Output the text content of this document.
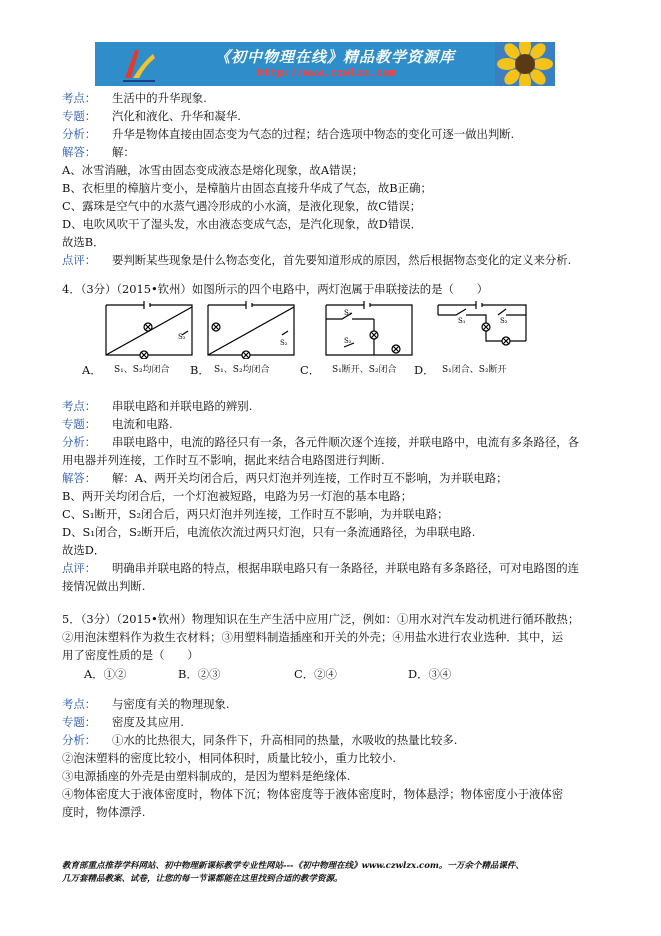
《初中物理在线》精品教学资源库
http://www.czwlzx.com
考点： 生活中的升华现象.
专题： 汽化和液化、升华和凝华.
分析： 升华是物体直接由固态变为气态的过程；结合选项中物态的变化可逐一做出判断.
解答： 解：
A、冰雪消融，冰雪由固态变成液态是熔化现象，故A错误；
B、衣柜里的樟脑片变小，是樟脑片由固态直接升华成了气态，故B正确；
C、露珠是空气中的水蒸气遇冷形成的小水滴，是液化现象，故C错误；
D、电吹风吹干了湿头发，水由液态变成气态，是汽化现象，故D错误．
故选B．
点评： 要判断某些现象是什么物态变化，首先要知道形成的原因，然后根据物态变化的定义来分析.
4．（3分）（2015•钦州）如图所示的四个电路中，两灯泡属于串联接法的是（　　）
S₂
A． S₁、S₂均闭合
S₂
B． S₁、S₂均闭合
S₁
S₂
C． S₁断开、S₂闭合
S₁	S₂
D． S₁闭合、S₂断开
考点： 串联电路和并联电路的辨别.
专题： 电流和电路.
分析： 串联电路中，电流的路径只有一条，各元件顺次逐个连接，并联电路中，电流有多条路径，各
用电器并列连接，工作时互不影响，据此来结合电路图进行判断.
解答： 解：A、两开关均闭合后，两只灯泡并列连接，工作时互不影响，为并联电路；
B、两开关均闭合后，一个灯泡被短路，电路为另一灯泡的基本电路；
C、S₁断开，S₂闭合后，两只灯泡并列连接，工作时互不影响，为并联电路；
D、S₁闭合，S₂断开后，电流依次流过两只灯泡，只有一条流通路径，为串联电路.
故选D．
点评： 明确串并联电路的特点，根据串联电路只有一条路径，并联电路有多条路径，可对电路图的连
接情况做出判断.
5．（3分）（2015•钦州）物理知识在生产生活中应用广泛，例如：①用水对汽车发动机进行循环散热；
②用泡沫塑料作为救生衣材料；③用塑料制造插座和开关的外壳；④用盐水进行农业选种．其中，运
用了密度性质的是（　　）
A．①②	B．②③	C．②④	D．③④
考点： 与密度有关的物理现象.
专题： 密度及其应用.
分析： ①水的比热很大，同条件下，升高相同的热量，水吸收的热量比较多.
②泡沫塑料的密度比较小，相同体积时，质量比较小，重力比较小.
③电源插座的外壳是由塑料制成的，是因为塑料是绝缘体.
④物体密度大于液体密度时，物体下沉；物体密度等于液体密度时，物体悬浮；物体密度小于液体密
度时，物体漂浮.
教育部重点推荐学科网站、初中物理新课标教学专业性网站---《初中物理在线》www.czwlzx.com。一万余个精品课件、
几万套精品教案、试卷，让您的每一节课都能在这里找到合适的教学资源。
